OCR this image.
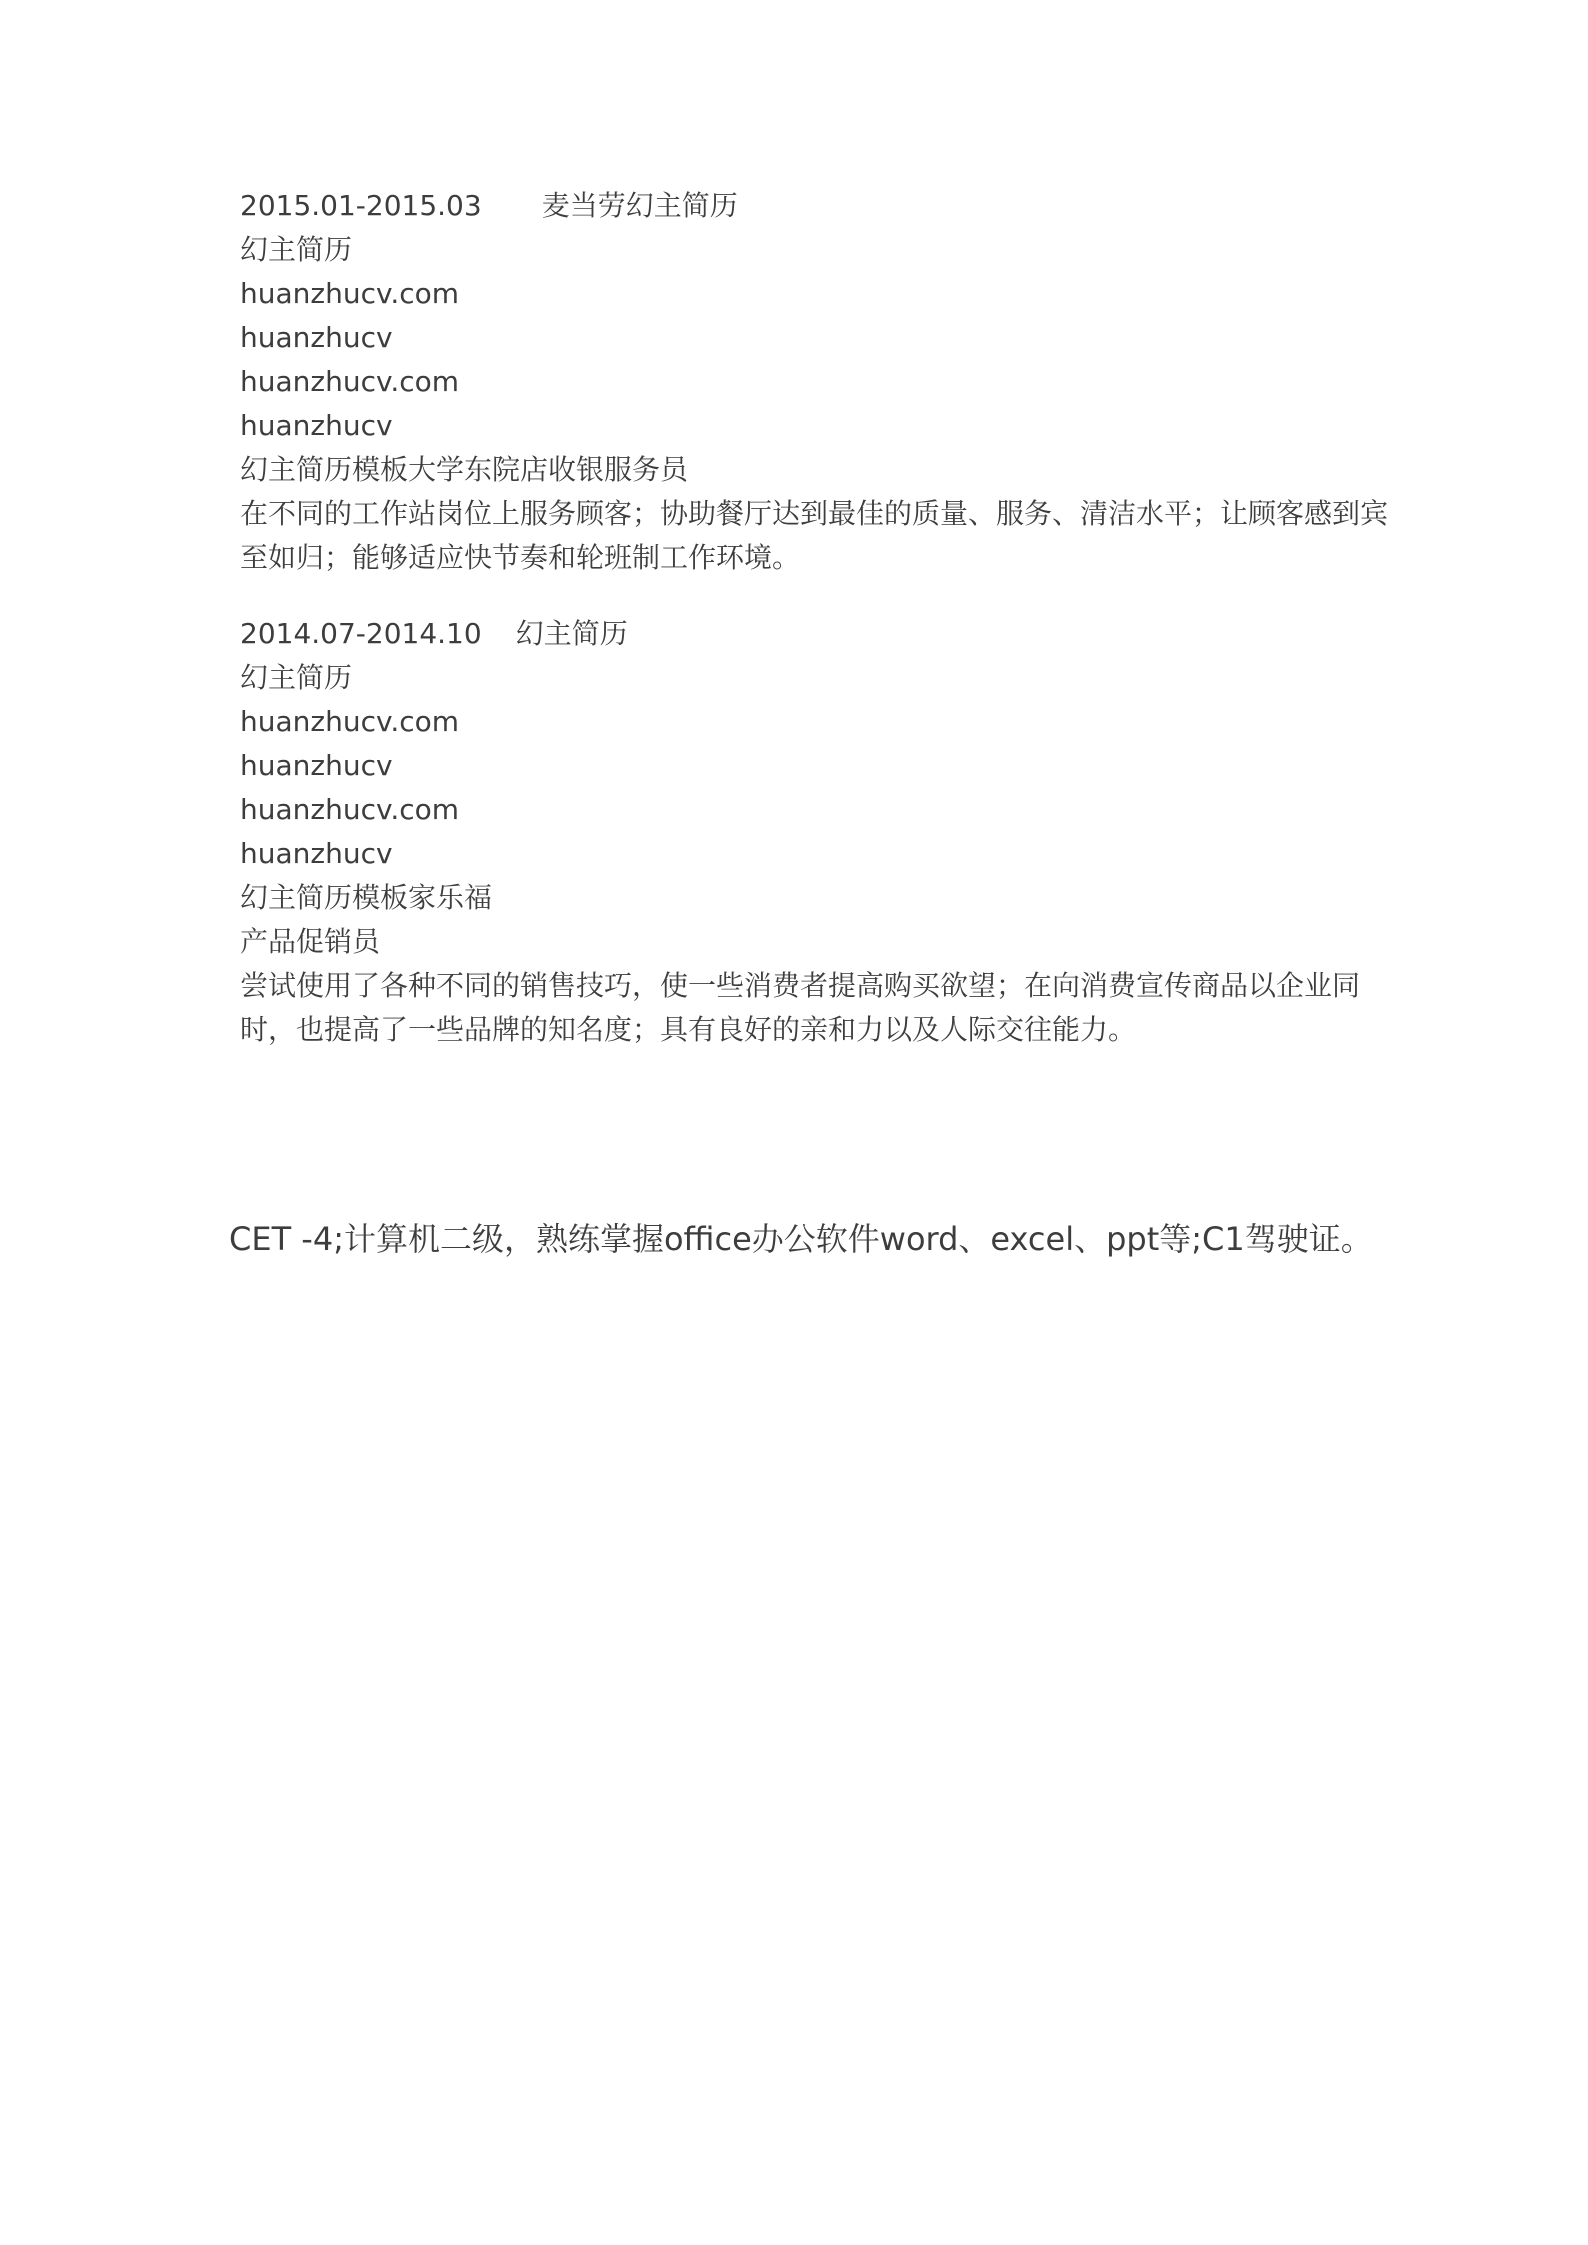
2015.01-2015.03 麦当劳幻主简历
幻主简历
huanzhucv.com
huanzhucv
huanzhucv.com
huanzhucv
幻主简历模板大学东院店收银服务员
在不同的工作站岗位上服务顾客；协助餐厅达到最佳的质量、服务、清洁水平；让顾客感到宾至如归；能够适应快节奏和轮班制工作环境。
2014.07-2014.10 幻主简历
幻主简历
huanzhucv.com
huanzhucv
huanzhucv.com
huanzhucv
幻主简历模板家乐福
产品促销员
尝试使用了各种不同的销售技巧，使一些消费者提高购买欲望；在向消费宣传商品以企业同时，也提高了一些品牌的知名度；具有良好的亲和力以及人际交往能力。
CET -4;计算机二级，熟练掌握office办公软件word、excel、ppt等;C1驾驶证。
